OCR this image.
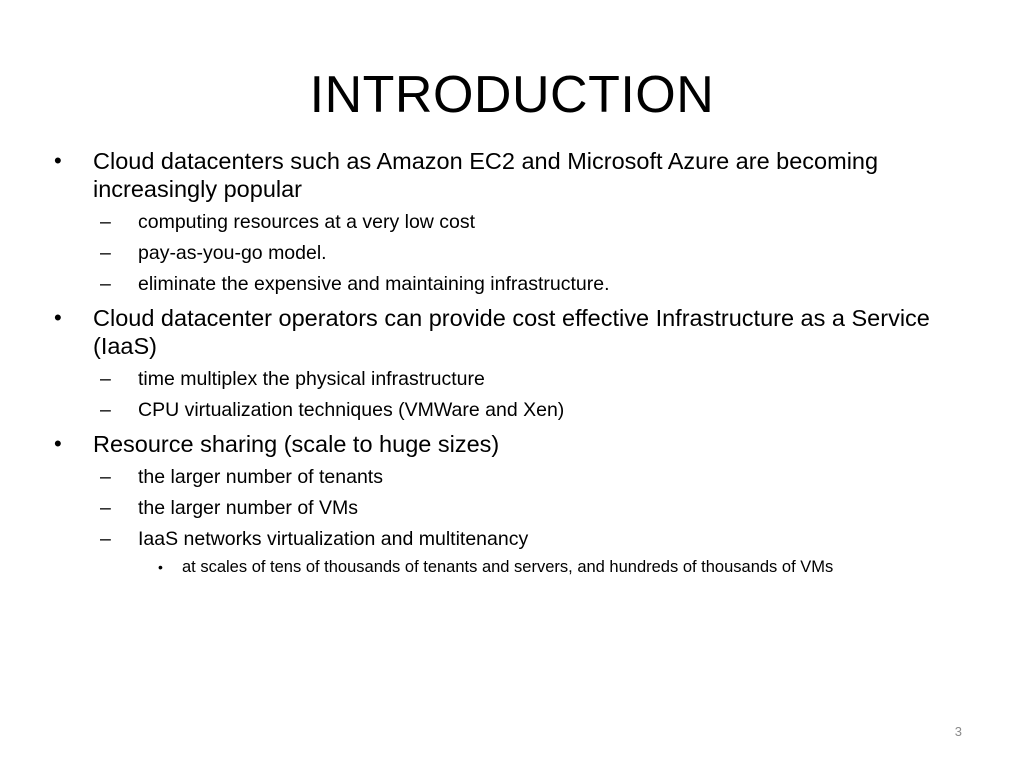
INTRODUCTION
• Cloud datacenters such as Amazon EC2 and Microsoft Azure are becoming increasingly popular
– computing resources at a very low cost
– pay-as-you-go model.
– eliminate the expensive and maintaining infrastructure.
• Cloud datacenter operators can provide cost effective Infrastructure as a Service (IaaS)
– time multiplex the physical infrastructure
– CPU virtualization techniques (VMWare and Xen)
• Resource sharing (scale to huge sizes)
– the larger number of tenants
– the larger number of VMs
– IaaS networks virtualization and multitenancy
• at scales of tens of thousands of tenants and servers, and hundreds of thousands of VMs
3
